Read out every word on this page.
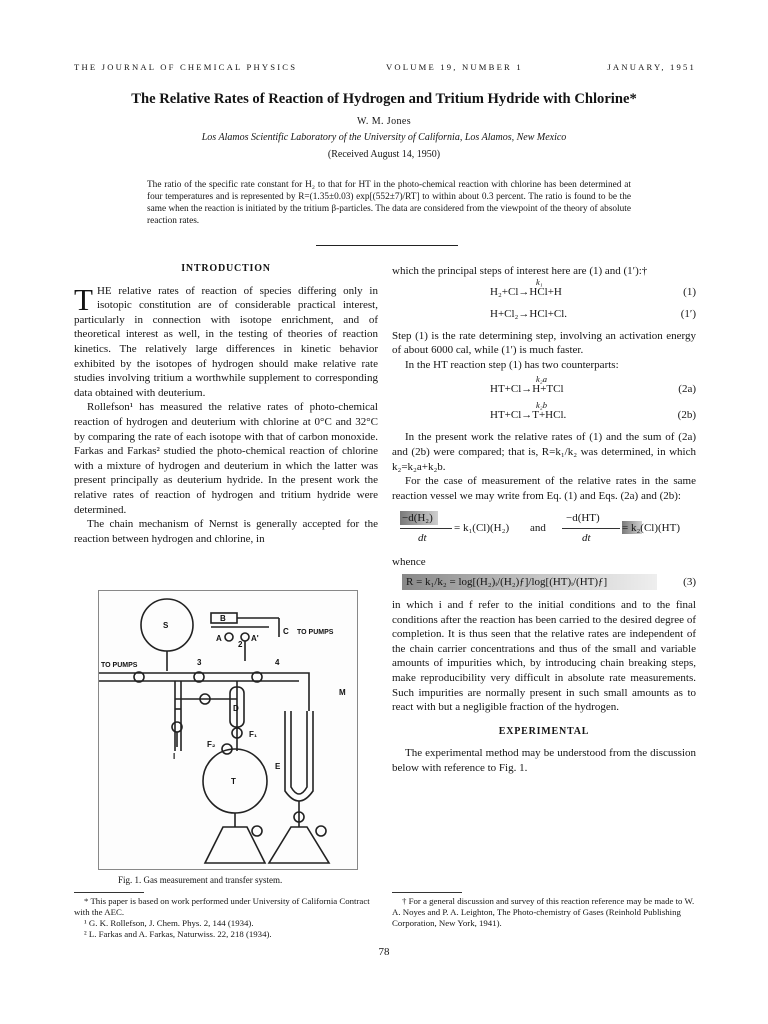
THE JOURNAL OF CHEMICAL PHYSICS	VOLUME 19, NUMBER 1	JANUARY, 1951
The Relative Rates of Reaction of Hydrogen and Tritium Hydride with Chlorine*
W. M. Jones
Los Alamos Scientific Laboratory of the University of California, Los Alamos, New Mexico
(Received August 14, 1950)
The ratio of the specific rate constant for H₂ to that for HT in the photo-chemical reaction with chlorine has been determined at four temperatures and is represented by R=(1.35±0.03) exp[(552±7)/RT] to within about 0.3 percent. The ratio is found to be the same when the reaction is initiated by the tritium β-particles. The data are considered from the viewpoint of the theory of absolute reaction rates.
INTRODUCTION

THE relative rates of reaction of species differing only in isotopic constitution are of considerable practical interest, particularly in connection with isotope enrichment, and of theoretical interest as well, in the testing of theories of reaction kinetics. The relatively large differences in kinetic behavior exhibited by the isotopes of hydrogen should make relative rate studies involving tritium a worthwhile supplement to corresponding data obtained with deuterium.

Rollefson¹ has measured the relative rates of photo-chemical reaction of hydrogen and deuterium with chlorine at 0°C and 32°C by comparing the rate of each isotope with that of carbon monoxide. Farkas and Farkas² studied the photo-chemical reaction of chlorine with a mixture of hydrogen and deuterium in which the latter was present principally as deuterium hydride. In the present work the relative rates of reaction of hydrogen and tritium hydride were determined.

The chain mechanism of Nernst is generally accepted for the reaction between hydrogen and chlorine, in

S
B
C
A	A'
2
TO PUMPS
TO PUMPS	3	4
D
F₂
F₁
M
I
T
E
Fig. 1. Gas measurement and transfer system.

* This paper is based on work performed under University of California Contract with the AEC.

¹ G. K. Rollefson, J. Chem. Phys. 2, 144 (1934).

² L. Farkas and A. Farkas, Naturwiss. 22, 218 (1934).

which the principal steps of interest here are (1) and (1′):†

k₁
H₂+Cl→HCl+H	(1)
H+Cl₂→HCl+Cl.	(1′)

Step (1) is the rate determining step, involving an activation energy of about 6000 cal, while (1′) is much faster.

In the HT reaction step (1) has two counterparts:

k₂a
HT+Cl→H+TCl	(2a)
k₂b
HT+Cl→T+HCl.	(2b)

In the present work the relative rates of (1) and the sum of (2a) and (2b) were compared; that is, R=k₁/k₂ was determined, in which k₂=k₂a+k₂b.

For the case of measurement of the relative rates in the same reaction vessel we may write from Eq. (1) and Eqs. (2a) and (2b):

−d(H₂)
dt
= k₁(Cl)(H₂) and
−d(HT)
dt
= k₂(Cl)(HT)

whence

R = k₁/k₂ = log[(H₂)ᵢ/(H₂)ƒ]/log[(HT)ᵢ/(HT)ƒ]	(3)

in which i and f refer to the initial conditions and to the final conditions after the reaction has been carried to the desired degree of completion. It is thus seen that the relative rates are independent of the chain carrier concentrations and thus of the small and variable amounts of impurities which, by introducing chain breaking steps, make reproducibility very difficult in absolute rate measurements. Such impurities are normally present in such small amounts as to react with but a negligible fraction of the hydrogen.

EXPERIMENTAL

The experimental method may be understood from the discussion below with reference to Fig. 1.

† For a general discussion and survey of this reaction reference may be made to W. A. Noyes and P. A. Leighton, The Photo-chemistry of Gases (Reinhold Publishing Corporation, New York, 1941).

78
